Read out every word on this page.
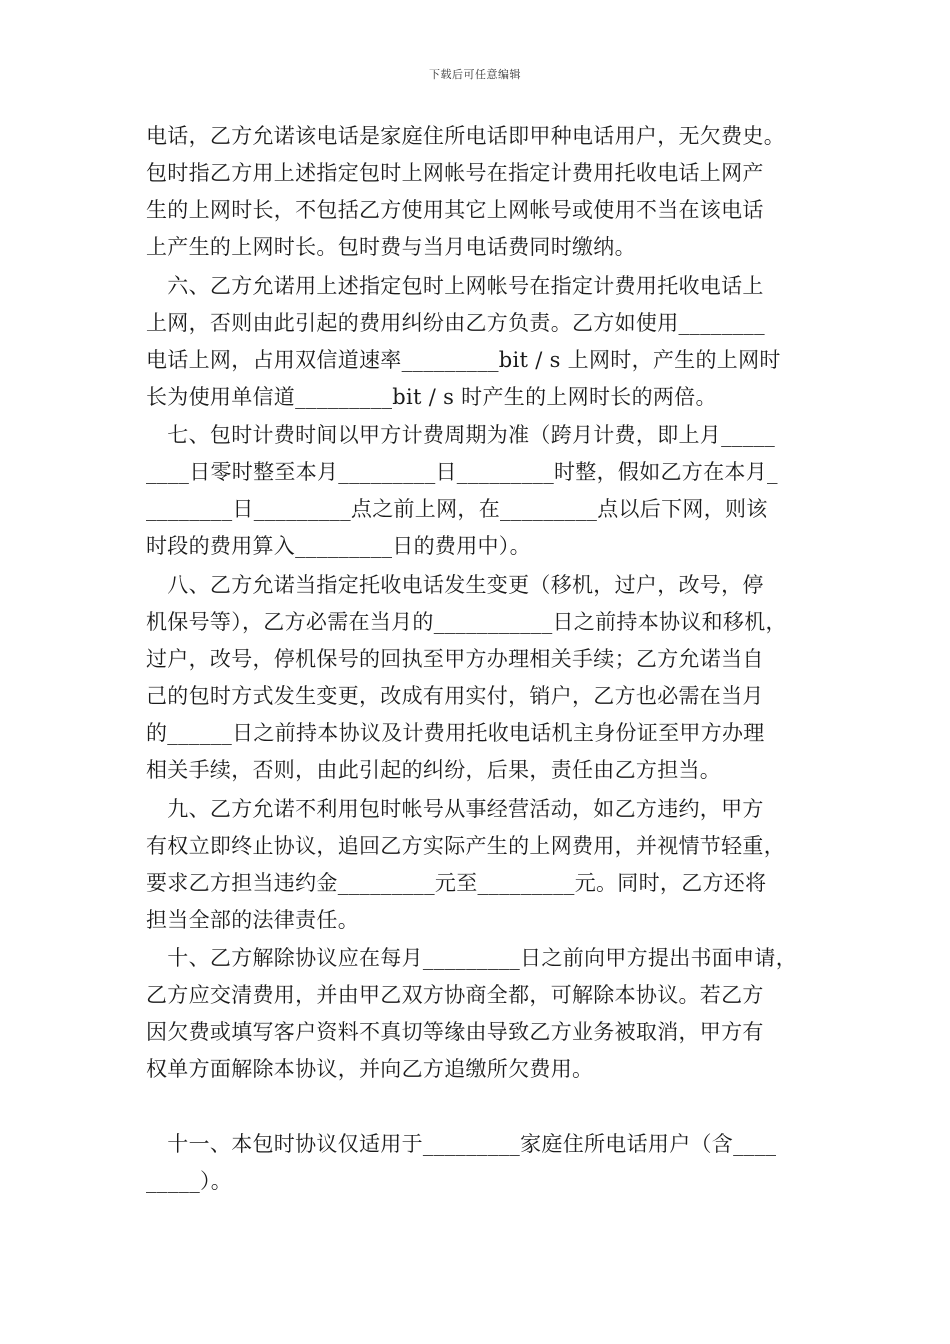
下载后可任意编辑
电话，乙方允诺该电话是家庭住所电话即甲种电话用户，无欠费史。
包时指乙方用上述指定包时上网帐号在指定计费用托收电话上网产
生的上网时长，不包括乙方使用其它上网帐号或使用不当在该电话
上产生的上网时长。包时费与当月电话费同时缴纳。
　六、乙方允诺用上述指定包时上网帐号在指定计费用托收电话上
上网，否则由此引起的费用纠纷由乙方负责。乙方如使用________
电话上网，占用双信道速率_________bit / s 上网时，产生的上网时
长为使用单信道_________bit / s 时产生的上网时长的两倍。
　七、包时计费时间以甲方计费周期为准（跨月计费，即上月_____
____日零时整至本月_________日_________时整，假如乙方在本月_
________日_________点之前上网，在_________点以后下网，则该
时段的费用算入_________日的费用中）。
　八、乙方允诺当指定托收电话发生变更（移机，过户，改号，停
机保号等），乙方必需在当月的___________日之前持本协议和移机，
过户，改号，停机保号的回执至甲方办理相关手续；乙方允诺当自
己的包时方式发生变更，改成有用实付，销户，乙方也必需在当月
的______日之前持本协议及计费用托收电话机主身份证至甲方办理
相关手续，否则，由此引起的纠纷，后果，责任由乙方担当。
　九、乙方允诺不利用包时帐号从事经营活动，如乙方违约，甲方
有权立即终止协议，追回乙方实际产生的上网费用，并视情节轻重，
要求乙方担当违约金_________元至_________元。同时，乙方还将
担当全部的法律责任。
　十、乙方解除协议应在每月_________日之前向甲方提出书面申请，
乙方应交清费用，并由甲乙双方协商全都，可解除本协议。若乙方
因欠费或填写客户资料不真切等缘由导致乙方业务被取消，甲方有
权单方面解除本协议，并向乙方追缴所欠费用。
　十一、本包时协议仅适用于_________家庭住所电话用户（含____
_____）。
